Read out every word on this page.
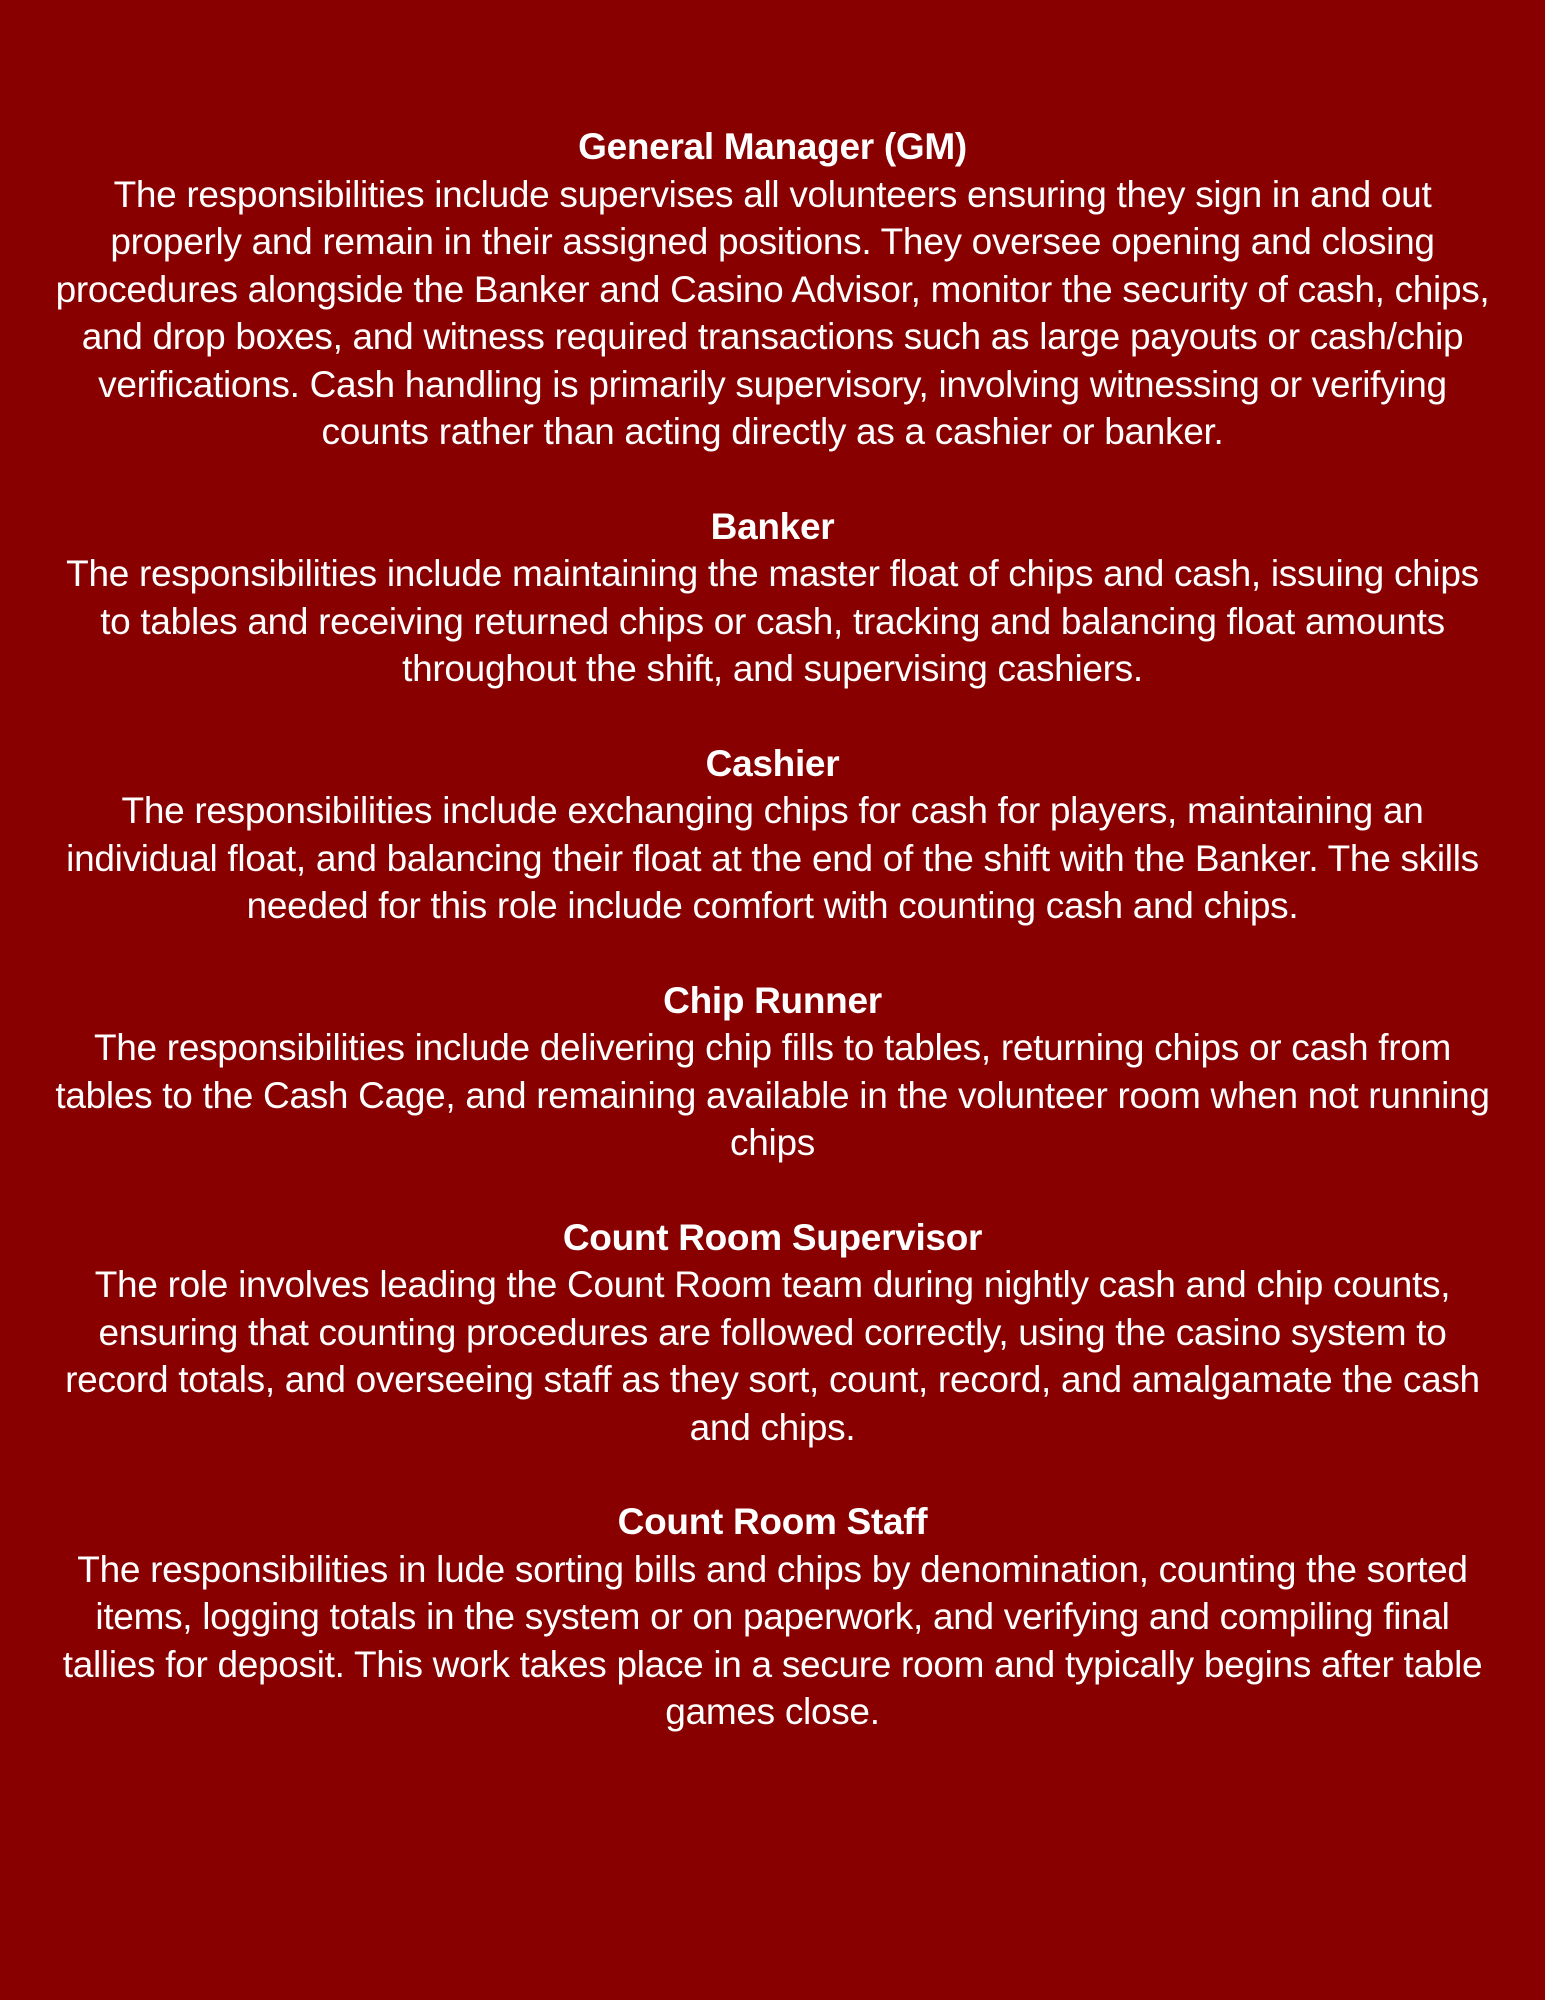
General Manager (GM)

The responsibilities include supervises all volunteers ensuring they sign in and out properly and remain in their assigned positions. They oversee opening and closing procedures alongside the Banker and Casino Advisor, monitor the security of cash, chips, and drop boxes, and witness required transactions such as large payouts or cash/chip verifications. Cash handling is primarily supervisory, involving witnessing or verifying counts rather than acting directly as a cashier or banker.

Banker

The responsibilities include maintaining the master float of chips and cash, issuing chips to tables and receiving returned chips or cash, tracking and balancing float amounts throughout the shift, and supervising cashiers.

Cashier

The responsibilities include exchanging chips for cash for players, maintaining an individual float, and balancing their float at the end of the shift with the Banker. The skills needed for this role include comfort with counting cash and chips.

Chip Runner

The responsibilities include delivering chip fills to tables, returning chips or cash from tables to the Cash Cage, and remaining available in the volunteer room when not running chips

Count Room Supervisor

The role involves leading the Count Room team during nightly cash and chip counts, ensuring that counting procedures are followed correctly, using the casino system to record totals, and overseeing staff as they sort, count, record, and amalgamate the cash and chips.

Count Room Staff

The responsibilities in lude sorting bills and chips by denomination, counting the sorted items, logging totals in the system or on paperwork, and verifying and compiling final tallies for deposit. This work takes place in a secure room and typically begins after table games close.
